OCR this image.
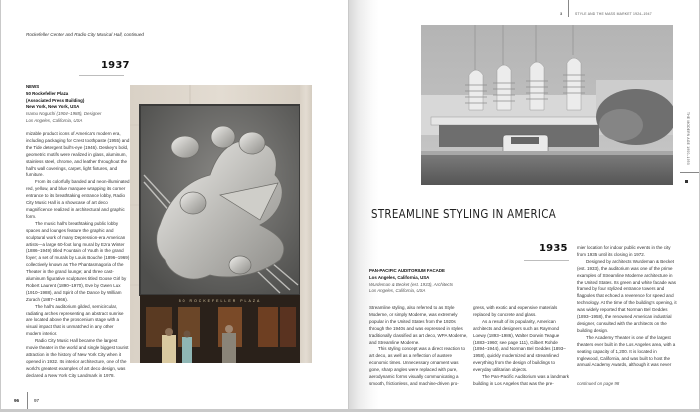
Rockefeller Center and Radio City Musical Hall, continued
1937
NEWS
50 Rockefeller Plaza
(Associated Press Building)
New York, New York, USA
Isamu Noguchi (1904–1988), Designer
Los Angeles, California, USA

mizable product icons of America's modern era, including packaging for Crest toothpaste (1955) and the Tide detergent bull's-eye (1946). Deskey's bold, geometric motifs were realized in glass, aluminum, stainless steel, chrome, and leather throughout the hall's wall coverings, carpet, light fixtures, and furniture.

From its colorfully banded and neon-illuminated red, yellow, and blue marquee wrapping its corner entrance to its breathtaking entrance lobby, Radio City Music Hall is a showcase of art deco magnificence realized in architectural and graphic form.

The music hall's breathtaking public lobby spaces and lounges feature the graphic and sculptural work of many Depression-era American artists—a large 60-foot long mural by Ezra Winter (1886–1949) titled Fountain of Youth in the grand foyer; a set of murals by Louis Bouche (1896–1969) collectively known as The Phantasmagoria of the Theater in the grand lounge; and three cast-aluminum figurative sculptures titled Goose Girl by Robert Laurent (1890–1970), Eve by Gwen Lux (1910–1988), and Spirit of the Dance by William Zorach (1887–1966).

The hall's auditorium gilded, semicircular, radiating arches representing an abstract sunrise are located above the proscenium stage with a visual impact that is unmatched in any other modern interior.

Radio City Music Hall became the largest movie theater in the world and single biggest tourist attraction in the history of New York City when it opened in 1932. Its interior architecture, one of the world's greatest examples of art deco design, was declared a New York City Landmark in 1978.

50 ROCKEFELLER PLAZA
96	97
3	STYLE AND THE MASS MARKET 1924–1947
THE MODERN AGE 1900–1950
STREAMLINE STYLING IN AMERICA
1935
PAN-PACIFIC AUDITORIUM FACADE
Los Angeles, California, USA
Wurdeman & Becket (est. 1933), Architects
Los Angeles, California, USA

Streamline styling, also referred to as Style Moderne, or simply Moderne, was extremely popular in the United States from the 1920s through the 1940s and was expressed in styles traditionally classified as art deco, WPA Moderne, and Streamline Moderne.

This styling concept was a direct reaction to art deco, as well as a reflection of austere economic times. Unnecessary ornament was gone, sharp angles were replaced with pure, aerodynamic forms visually communicating a smooth, frictionless, and machine-driven pro-

gress, with exotic and expensive materials replaced by concrete and glass.

As a result of its popularity, American architects and designers such as Raymond Loewy (1893–1986), Walter Dorwin Teague (1883–1960; see page 111), Gilbert Rohde (1894–1944), and Norman Bel Geddes (1893–1958), quickly modernized and streamlined everything from the design of buildings to everyday utilitarian objects.

The Pan-Pacific Auditorium was a landmark building in Los Angeles that was the pre-

mier location for indoor public events in the city from 1935 until its closing in 1972.

Designed by architects Wurdeman & Becket (est. 1933), the auditorium was one of the prime examples of Streamline Moderne architecture in the United States. Its green and white facade was framed by four stylized entrance towers and flagpoles that echoed a reverence for speed and technology. At the time of the building's opening, it was widely reported that Norman Bel Geddes (1893–1958), the renowned American industrial designer, consulted with the architects on the building design.

The Academy Theater is one of the largest theaters ever built in the Los Angeles area, with a seating capacity of 1,200. It is located in Inglewood, California, and was built to host the annual Academy Awards, although it was never

continued on page 98
